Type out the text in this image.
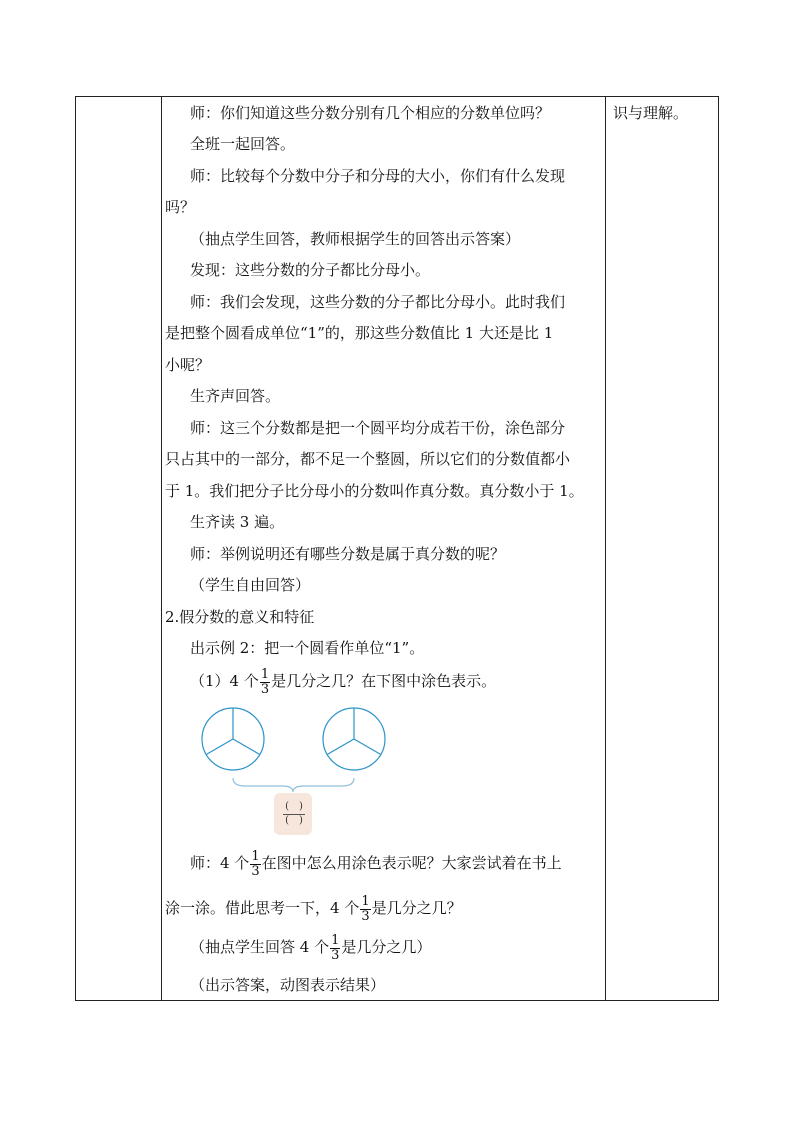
识与理解。
师：你们知道这些分数分别有几个相应的分数单位吗？
全班一起回答。
师：比较每个分数中分子和分母的大小，你们有什么发现
吗？
（抽点学生回答，教师根据学生的回答出示答案）
发现：这些分数的分子都比分母小。
师：我们会发现，这些分数的分子都比分母小。此时我们
是把整个圆看成单位“1”的，那这些分数值比 1 大还是比 1
小呢？
生齐声回答。
师：这三个分数都是把一个圆平均分成若干份，涂色部分
只占其中的一部分，都不足一个整圆，所以它们的分数值都小
于 1。我们把分子比分母小的分数叫作真分数。真分数小于 1。
生齐读 3 遍。
师：举例说明还有哪些分数是属于真分数的呢？
（学生自由回答）
2.假分数的意义和特征
出示例 2：把一个圆看作单位“1”。
（1）4 个 $\frac{1}{3}$ 是几分之几？在下图中涂色表示。
(　)
(　)
师：4 个 $\frac{1}{3}$ 在图中怎么用涂色表示呢？大家尝试着在书上
涂一涂。借此思考一下，4 个 $\frac{1}{3}$ 是几分之几？
（抽点学生回答 4 个 $\frac{1}{3}$ 是几分之几）
（出示答案，动图表示结果）
